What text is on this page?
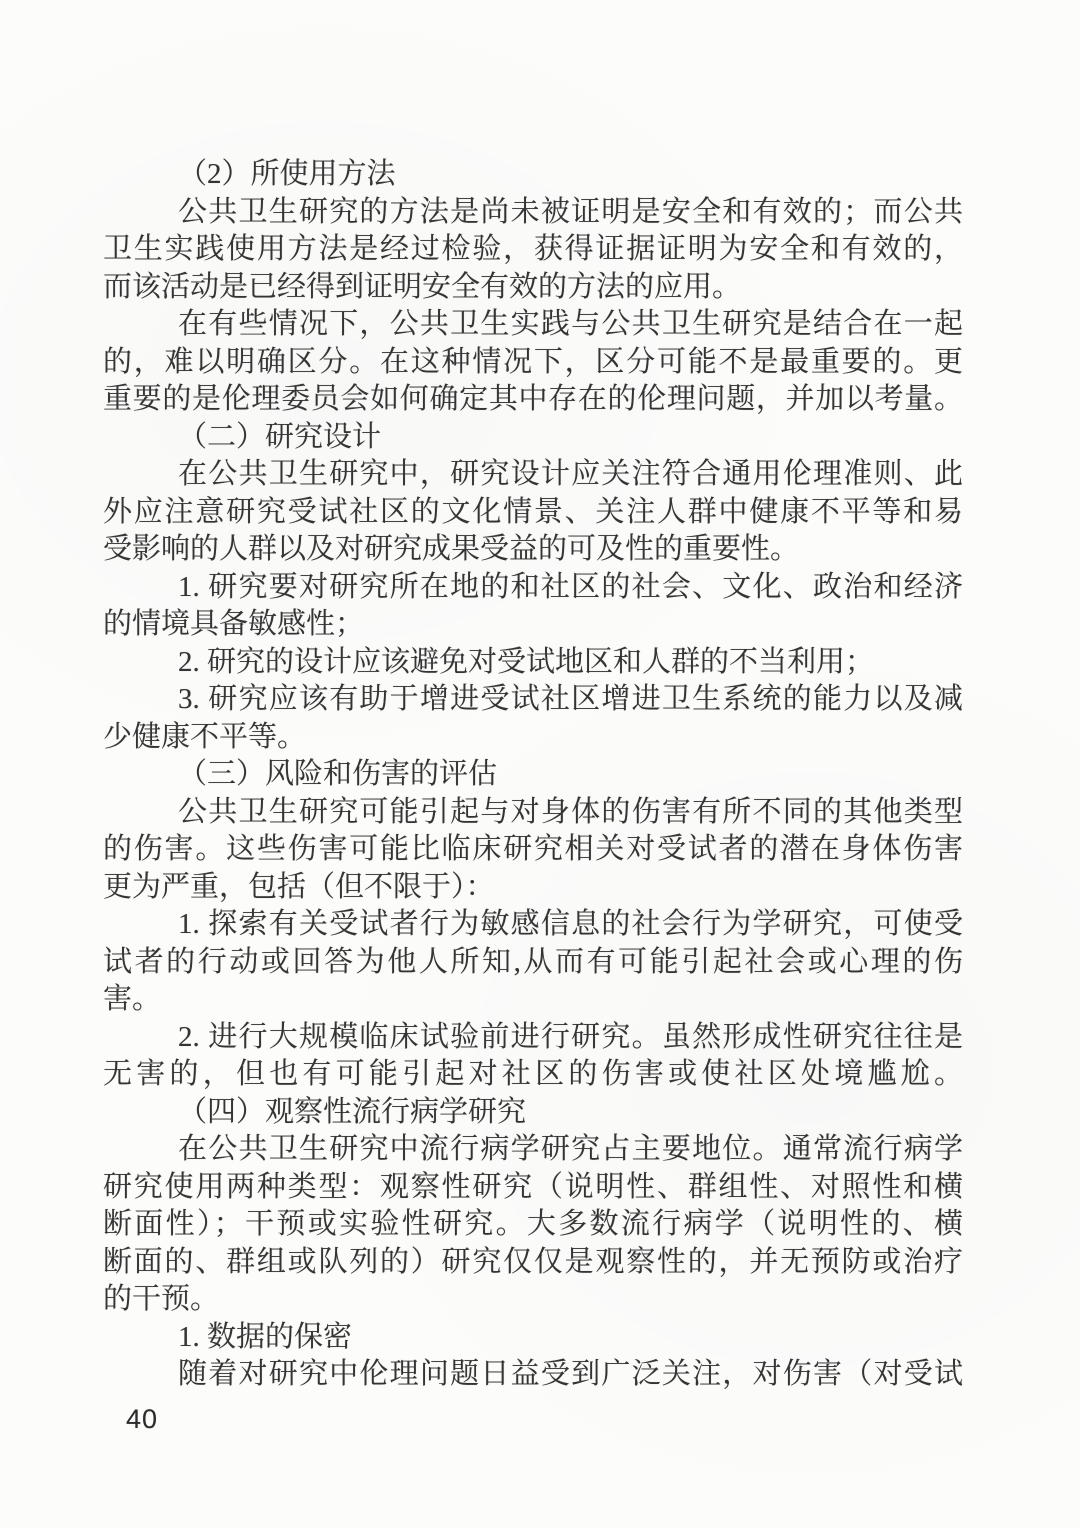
（2）所使用方法
公共卫生研究的方法是尚未被证明是安全和有效的；而公共
卫生实践使用方法是经过检验，获得证据证明为安全和有效的，
而该活动是已经得到证明安全有效的方法的应用。
在有些情况下，公共卫生实践与公共卫生研究是结合在一起
的，难以明确区分。在这种情况下，区分可能不是最重要的。更
重要的是伦理委员会如何确定其中存在的伦理问题，并加以考量。
（二）研究设计
在公共卫生研究中，研究设计应关注符合通用伦理准则、此
外应注意研究受试社区的文化情景、关注人群中健康不平等和易
受影响的人群以及对研究成果受益的可及性的重要性。
1. 研究要对研究所在地的和社区的社会、文化、政治和经济
的情境具备敏感性；
2. 研究的设计应该避免对受试地区和人群的不当利用；
3. 研究应该有助于增进受试社区增进卫生系统的能力以及减
少健康不平等。
（三）风险和伤害的评估
公共卫生研究可能引起与对身体的伤害有所不同的其他类型
的伤害。这些伤害可能比临床研究相关对受试者的潜在身体伤害
更为严重，包括（但不限于）：
1. 探索有关受试者行为敏感信息的社会行为学研究，可使受
试者的行动或回答为他人所知,从而有可能引起社会或心理的伤
害。
2. 进行大规模临床试验前进行研究。虽然形成性研究往往是
无害的，但也有可能引起对社区的伤害或使社区处境尴尬。
（四）观察性流行病学研究
在公共卫生研究中流行病学研究占主要地位。通常流行病学
研究使用两种类型：观察性研究（说明性、群组性、对照性和横
断面性）；干预或实验性研究。大多数流行病学（说明性的、横
断面的、群组或队列的）研究仅仅是观察性的，并无预防或治疗
的干预。
1. 数据的保密
随着对研究中伦理问题日益受到广泛关注，对伤害（对受试
40
